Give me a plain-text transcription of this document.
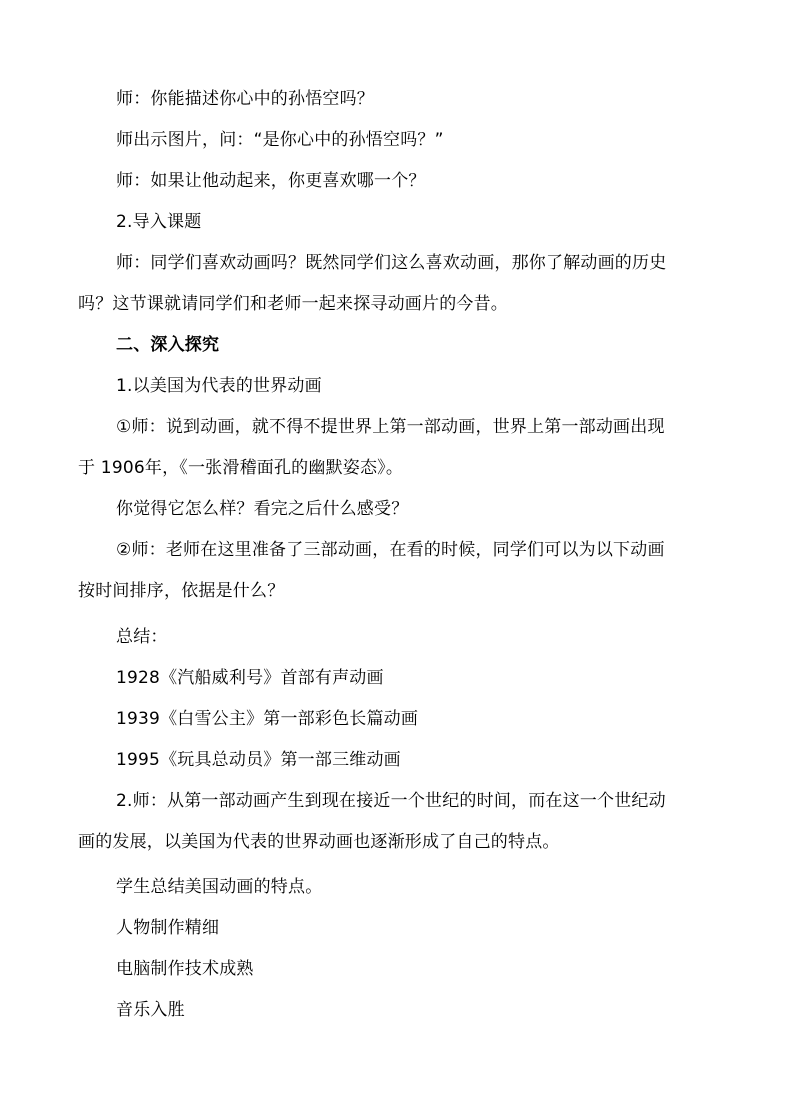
师：你能描述你心中的孙悟空吗？
师出示图片，问：“是你心中的孙悟空吗？”
师：如果让他动起来，你更喜欢哪一个？
2.导入课题
师：同学们喜欢动画吗？既然同学们这么喜欢动画，那你了解动画的历史
吗？这节课就请同学们和老师一起来探寻动画片的今昔。
二、深入探究
1.以美国为代表的世界动画
①师：说到动画，就不得不提世界上第一部动画，世界上第一部动画出现
于 1906年，《一张滑稽面孔的幽默姿态》。
你觉得它怎么样？看完之后什么感受？
②师：老师在这里准备了三部动画，在看的时候，同学们可以为以下动画
按时间排序，依据是什么？
总结：
1928《汽船威利号》首部有声动画
1939《白雪公主》第一部彩色长篇动画
1995《玩具总动员》第一部三维动画
2.师：从第一部动画产生到现在接近一个世纪的时间，而在这一个世纪动
画的发展，以美国为代表的世界动画也逐渐形成了自己的特点。
学生总结美国动画的特点。
人物制作精细
电脑制作技术成熟
音乐入胜
